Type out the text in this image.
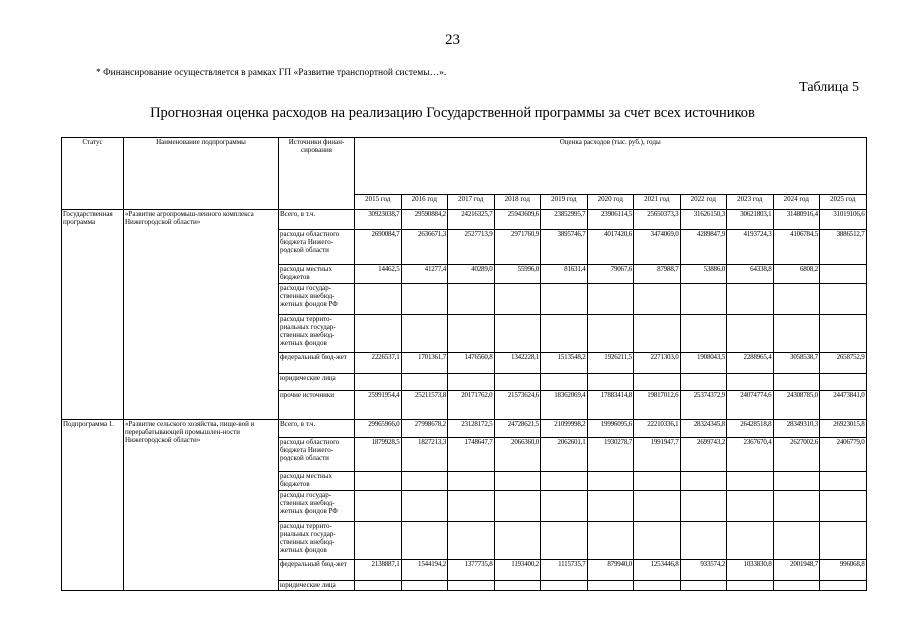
23
* Финансирование осуществляется в рамках ГП «Развитие транспортной системы…».
Таблица 5
Прогнозная оценка расходов на реализацию Государственной программы за счет всех источников
Статус	Наименование подпрограммы	Источники финан-сирования	Оценка расходов (тыс. руб.), годы										
			2015 год	2016 год	2017 год	2018 год	2019 год	2020 год	2021 год	2022 год	2023 год	2024 год	2025 год
Государственная программа	«Развитие агропромыш-ленного комплекса Нижегородской области»	Всего, в т.ч.	30923038,7	29590884,2	24216325,7	25943609,6	23852995,7	23906114,5	25650373,3	31626150,3	30621803,1	31480916,4	31019106,6
		расходы областного бюджета Нижего-родской области	2690084,7	2636671,3	2527713,9	2971760,9	3895746,7	4017420,6	3474069,0	4289847,9	4193724,3	4106784,5	3886512,7
		расходы местных бюджетов	14462,5	41277,4	40289,0	55996,0	81631,4	79067,6	87988,7	53886,0	64338,8	6808,2	
		расходы государ-ственных внебюд-жетных фондов РФ											
		расходы террито-риальных государ-ственных внебюд-жетных фондов											
		федеральный бюд-жет	2226537,1	1701361,7	1476560,8	1342228,1	1513548,2	1926211,5	2271303,0	1908043,5	2288965,4	3058538,7	2658752,9
		юридические лица											
		прочие источники	25991954,4	25211573,8	20171762,0	21573624,6	18362069,4	17883414,8	19817012,6	25374372,9	24074774,6	24308785,0	24473841,0
Подпрограмма 1.	«Развитие сельского хозяйства, пище-вой и перерабатывающей промышлен-ности Нижегородской области»	Всего, в т.ч.	29965966,0	27998678,2	23128172,5	24728621,5	21099998,2	19996095,6	22210336,1	28324345,8	26428518,8	28349310,3	26923015,8
		расходы областного бюджета Нижего-родской области	1879928,5	1827213,3	1748647,7	2066360,0	2062601,1	1930278,7	1991947,7	2699743,2	2367670,4	2627002,6	2406779,0
		расходы местных бюджетов											
		расходы государ-ственных внебюд-жетных фондов РФ											
		расходы террито-риальных государ-ственных внебюд-жетных фондов											
		федеральный бюд-жет	2138887,1	1544194,2	1377735,8	1193400,2	1115735,7	879940,0	1253446,8	933574,2	1033830,8	2001948,7	996068,8
		юридические лица											
